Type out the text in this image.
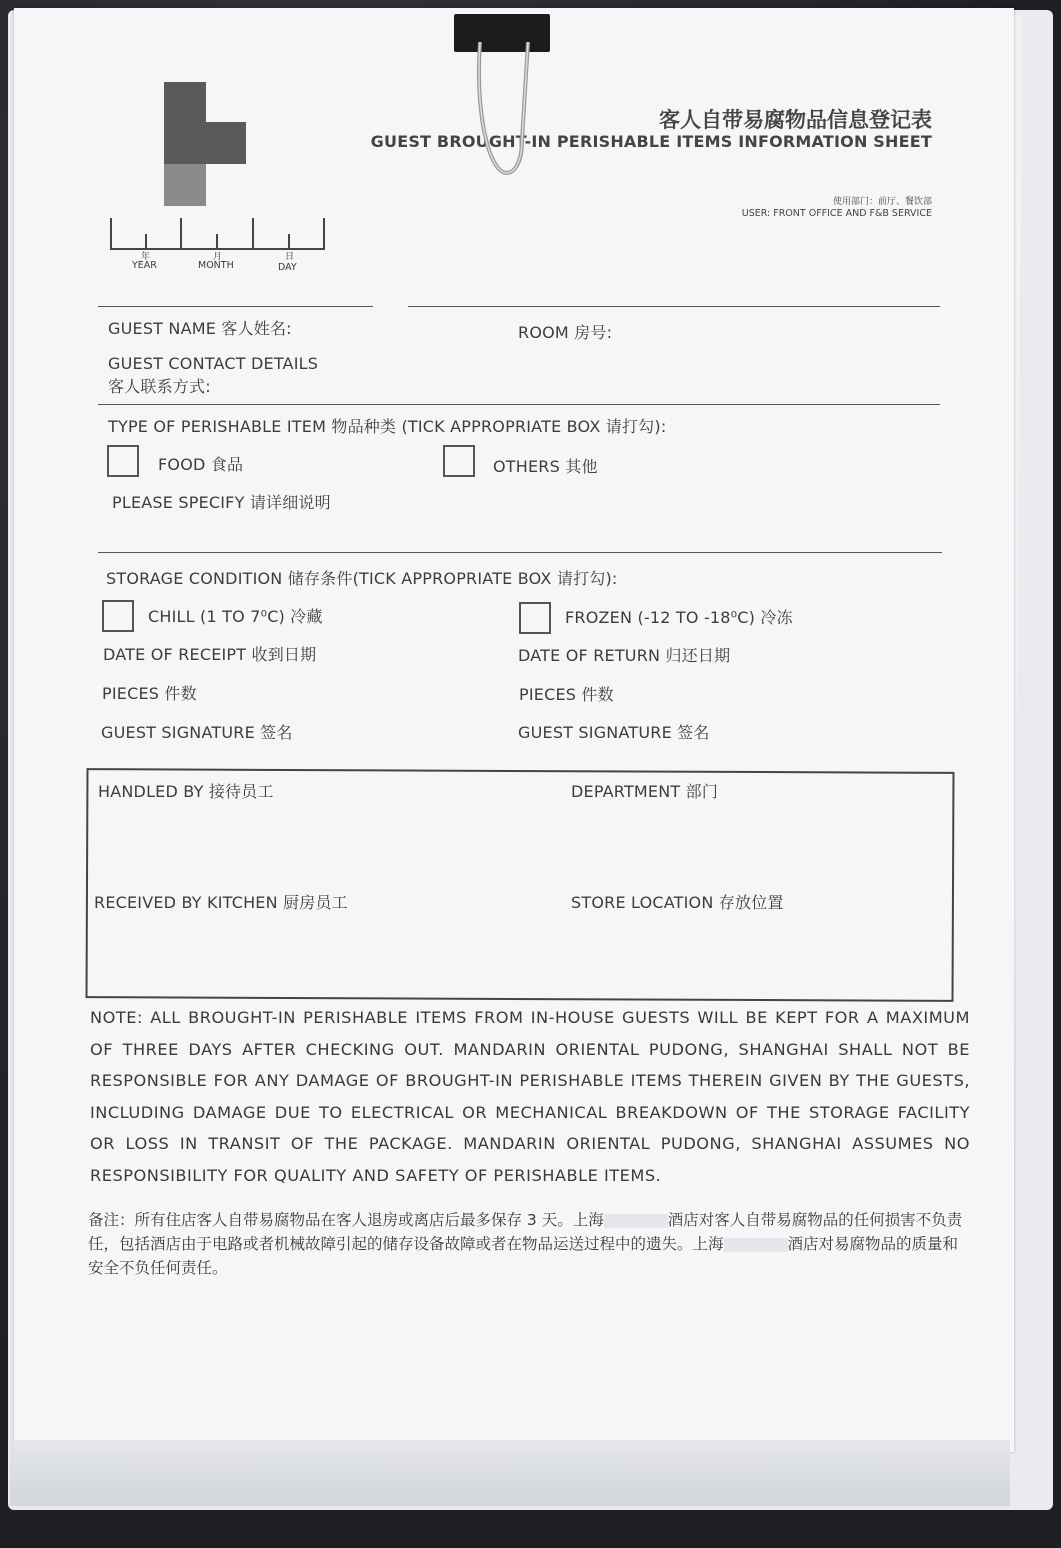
客人自带易腐物品信息登记表
GUEST BROUGHT-IN PERISHABLE ITEMS INFORMATION SHEET
使用部门：前厅、餐饮部
USER: FRONT OFFICE AND F&B SERVICE
年
YEAR
月
MONTH
日
DAY
GUEST NAME 客人姓名:	ROOM 房号:
GUEST CONTACT DETAILS
客人联系方式:
TYPE OF PERISHABLE ITEM 物品种类 (TICK APPROPRIATE BOX 请打勾):
FOOD 食品	OTHERS 其他
PLEASE SPECIFY 请详细说明
STORAGE CONDITION 储存条件(TICK APPROPRIATE BOX 请打勾):
CHILL (1 TO 7⁰C) 冷藏	FROZEN (-12 TO -18⁰C) 冷冻
DATE OF RECEIPT 收到日期	DATE OF RETURN 归还日期
PIECES 件数	PIECES 件数
GUEST SIGNATURE 签名	GUEST SIGNATURE 签名
HANDLED BY 接待员工	DEPARTMENT 部门
RECEIVED BY KITCHEN 厨房员工	STORE LOCATION 存放位置
NOTE: ALL BROUGHT-IN PERISHABLE ITEMS FROM IN-HOUSE GUESTS WILL BE KEPT FOR A MAXIMUM OF THREE DAYS AFTER CHECKING OUT. MANDARIN ORIENTAL PUDONG, SHANGHAI SHALL NOT BE RESPONSIBLE FOR ANY DAMAGE OF BROUGHT-IN PERISHABLE ITEMS THEREIN GIVEN BY THE GUESTS, INCLUDING DAMAGE DUE TO ELECTRICAL OR MECHANICAL BREAKDOWN OF THE STORAGE FACILITY OR LOSS IN TRANSIT OF THE PACKAGE. MANDARIN ORIENTAL PUDONG, SHANGHAI ASSUMES NO RESPONSIBILITY FOR QUALITY AND SAFETY OF PERISHABLE ITEMS.
备注：所有住店客人自带易腐物品在客人退房或离店后最多保存 3 天。上海	酒店对客人自带易腐物品的任何损害不负责任，包括酒店由于电路或者机械故障引起的储存设备故障或者在物品运送过程中的遗失。上海	酒店对易腐物品的质量和安全不负任何责任。
